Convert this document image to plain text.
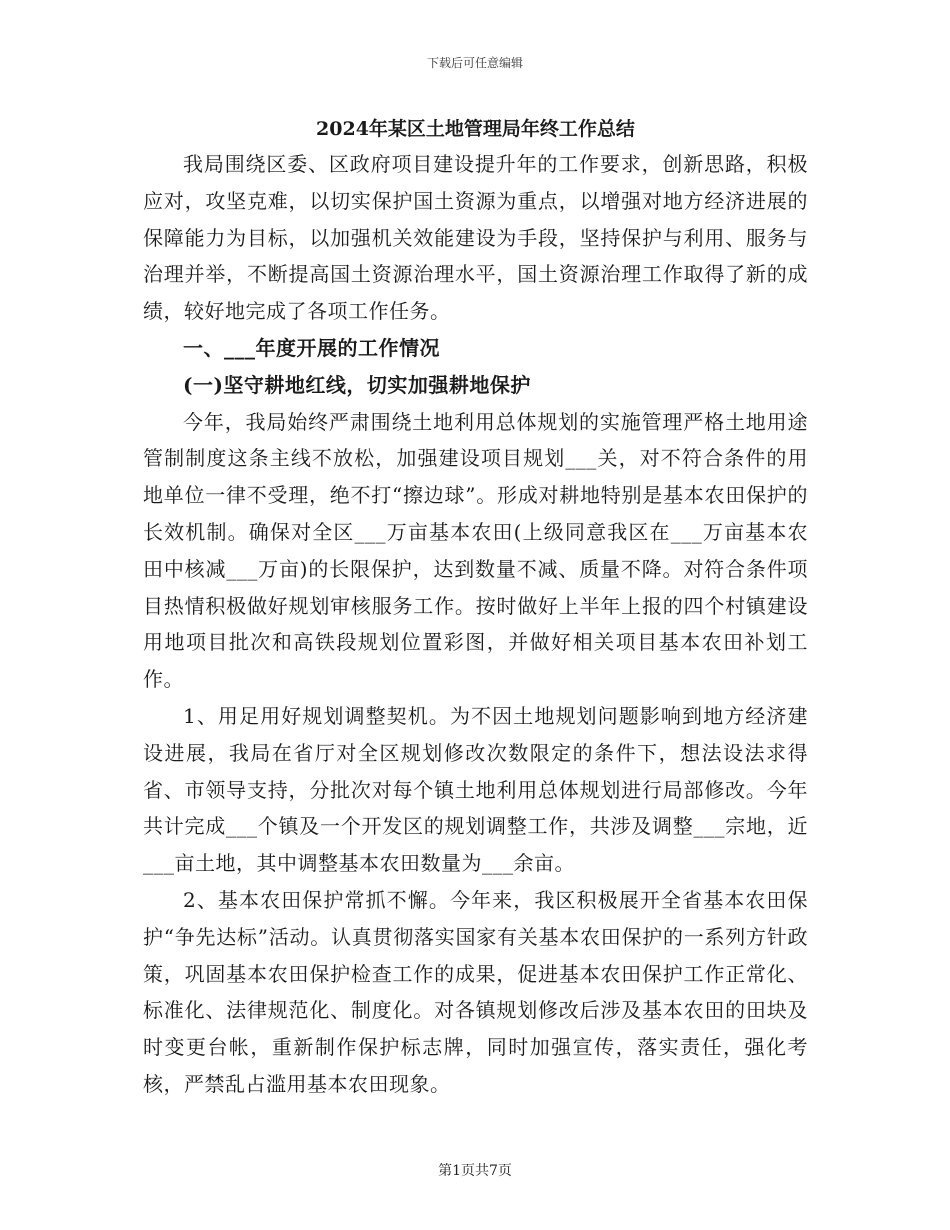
下载后可任意编辑
2024年某区土地管理局年终工作总结

我局围绕区委、区政府项目建设提升年的工作要求，创新思路，积极应对，攻坚克难，以切实保护国土资源为重点，以增强对地方经济进展的保障能力为目标，以加强机关效能建设为手段，坚持保护与利用、服务与治理并举，不断提高国土资源治理水平，国土资源治理工作取得了新的成绩，较好地完成了各项工作任务。

一、___年度开展的工作情况

(一)坚守耕地红线，切实加强耕地保护

今年，我局始终严肃围绕土地利用总体规划的实施管理严格土地用途管制制度这条主线不放松，加强建设项目规划___关，对不符合条件的用地单位一律不受理，绝不打“擦边球”。形成对耕地特别是基本农田保护的长效机制。确保对全区___万亩基本农田(上级同意我区在___万亩基本农田中核减___万亩)的长限保护，达到数量不减、质量不降。对符合条件项目热情积极做好规划审核服务工作。按时做好上半年上报的四个村镇建设用地项目批次和高铁段规划位置彩图，并做好相关项目基本农田补划工作。

1、用足用好规划调整契机。为不因土地规划问题影响到地方经济建设进展，我局在省厅对全区规划修改次数限定的条件下，想法设法求得省、市领导支持，分批次对每个镇土地利用总体规划进行局部修改。今年共计完成___个镇及一个开发区的规划调整工作，共涉及调整___宗地，近___亩土地，其中调整基本农田数量为___余亩。

2、基本农田保护常抓不懈。今年来，我区积极展开全省基本农田保护“争先达标”活动。认真贯彻落实国家有关基本农田保护的一系列方针政策，巩固基本农田保护检查工作的成果，促进基本农田保护工作正常化、标准化、法律规范化、制度化。对各镇规划修改后涉及基本农田的田块及时变更台帐，重新制作保护标志牌，同时加强宣传，落实责任，强化考核，严禁乱占滥用基本农田现象。

第1页共7页
